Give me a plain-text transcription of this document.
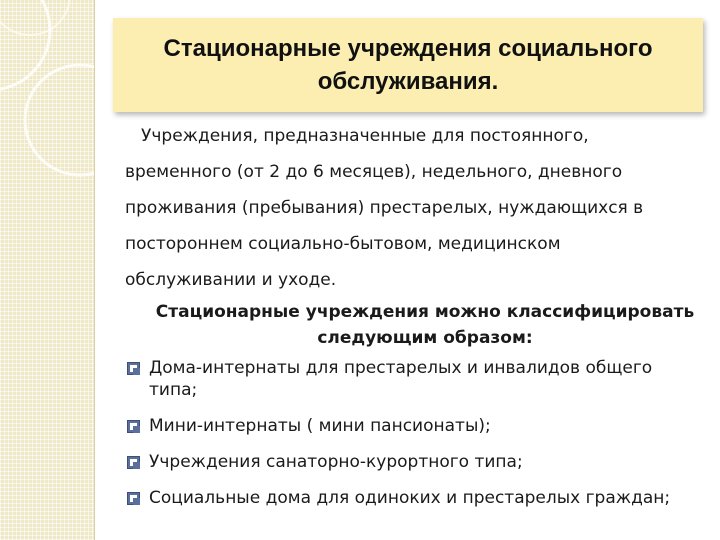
Стационарные учреждения социального
обслуживания.

Учреждения, предназначенные для постоянного,
временного (от 2 до 6 месяцев), недельного, дневного
проживания (пребывания) престарелых, нуждающихся в
постороннем социально-бытовом, медицинском
обслуживании и уходе.

Стационарные учреждения можно классифицировать
следующим образом:
Дома-интернаты для престарелых и инвалидов общего типа;
Мини-интернаты ( мини пансионаты);
Учреждения санаторно-курортного типа;
Социальные дома для одиноких и престарелых граждан;
